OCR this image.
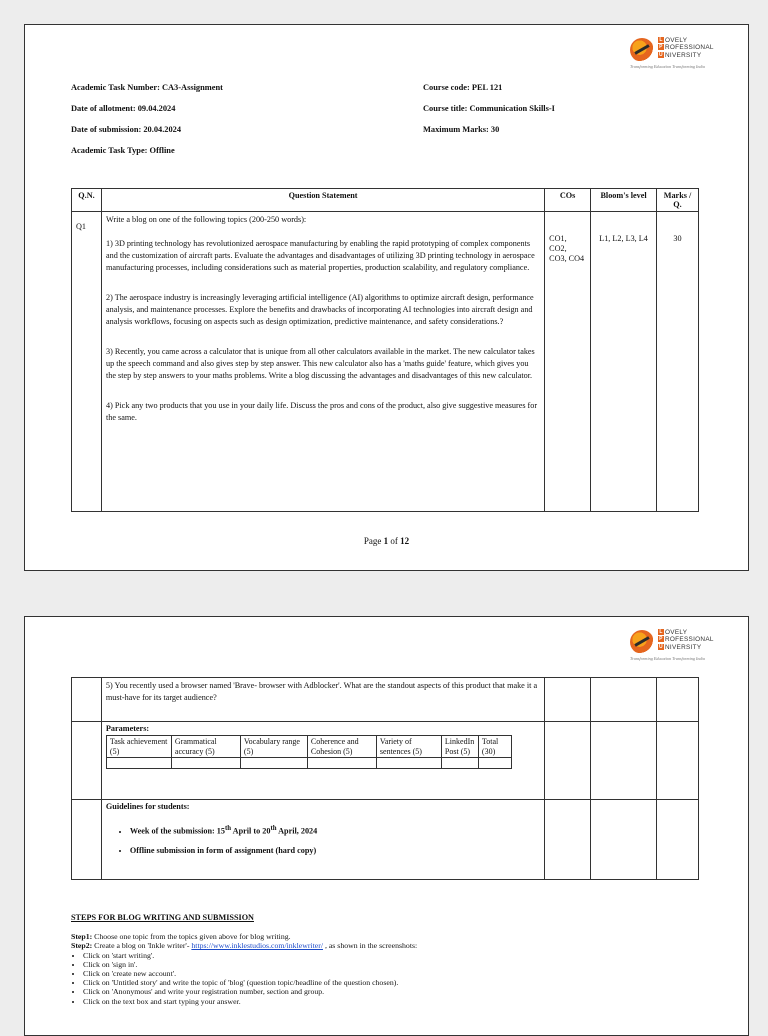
L OVELY
P ROFESSIONAL
U NIVERSITY
Transforming Education Transforming India
Academic Task Number: CA3-Assignment
Date of allotment: 09.04.2024
Date of submission: 20.04.2024
Academic Task Type: Offline
Course code: PEL 121
Course title: Communication Skills-I
Maximum Marks: 30
Q.N.	Question Statement	COs	Bloom's level	Marks / Q.
Q1	Write a blog on one of the following topics (200-250 words):

1) 3D printing technology has revolutionized aerospace manufacturing by enabling the rapid prototyping of complex components and the customization of aircraft parts. Evaluate the advantages and disadvantages of utilizing 3D printing technology in aerospace manufacturing processes, including considerations such as material properties, production scalability, and regulatory compliance.

2) The aerospace industry is increasingly leveraging artificial intelligence (AI) algorithms to optimize aircraft design, performance analysis, and maintenance processes. Explore the benefits and drawbacks of incorporating AI technologies into aircraft design and analysis workflows, focusing on aspects such as design optimization, predictive maintenance, and safety considerations.?

3) Recently, you came across a calculator that is unique from all other calculators available in the market. The new calculator takes up the speech command and also gives step by step answer. This new calculator also has a 'maths guide' feature, which gives you the step by step answers to your maths problems. Write a blog discussing the advantages and disadvantages of this new calculator.

4) Pick any two products that you use in your daily life. Discuss the pros and cons of the product, also give suggestive measures for the same.	CO1, CO2, CO3, CO4	L1, L2, L3, L4	30
Page 1 of 12
L OVELY
P ROFESSIONAL
U NIVERSITY
Transforming Education Transforming India

5) You recently used a browser named 'Brave- browser with Adblocker'. What are the standout aspects of this product that make it a must-have for its target audience?

Parameters:
Task achievement (5)	Grammatical accuracy (5)	Vocabulary range (5)	Coherence and Cohesion (5)	Variety of sentences (5)	LinkedIn Post (5)	Total (30)

Guidelines for students:
• Week of the submission: 15th April to 20th April, 2024
• Offline submission in form of assignment (hard copy)

STEPS FOR BLOG WRITING AND SUBMISSION
Step1: Choose one topic from the topics given above for blog writing.
Step2: Create a blog on 'Inkle writer'- https://www.inklestudios.com/inklewriter/ , as shown in the screenshots:
• Click on 'start writing'.
• Click on 'sign in'.
• Click on 'create new account'.
• Click on 'Untitled story' and write the topic of 'blog' (question topic/headline of the question chosen).
• Click on 'Anonymous' and write your registration number, section and group.
• Click on the text box and start typing your answer.
